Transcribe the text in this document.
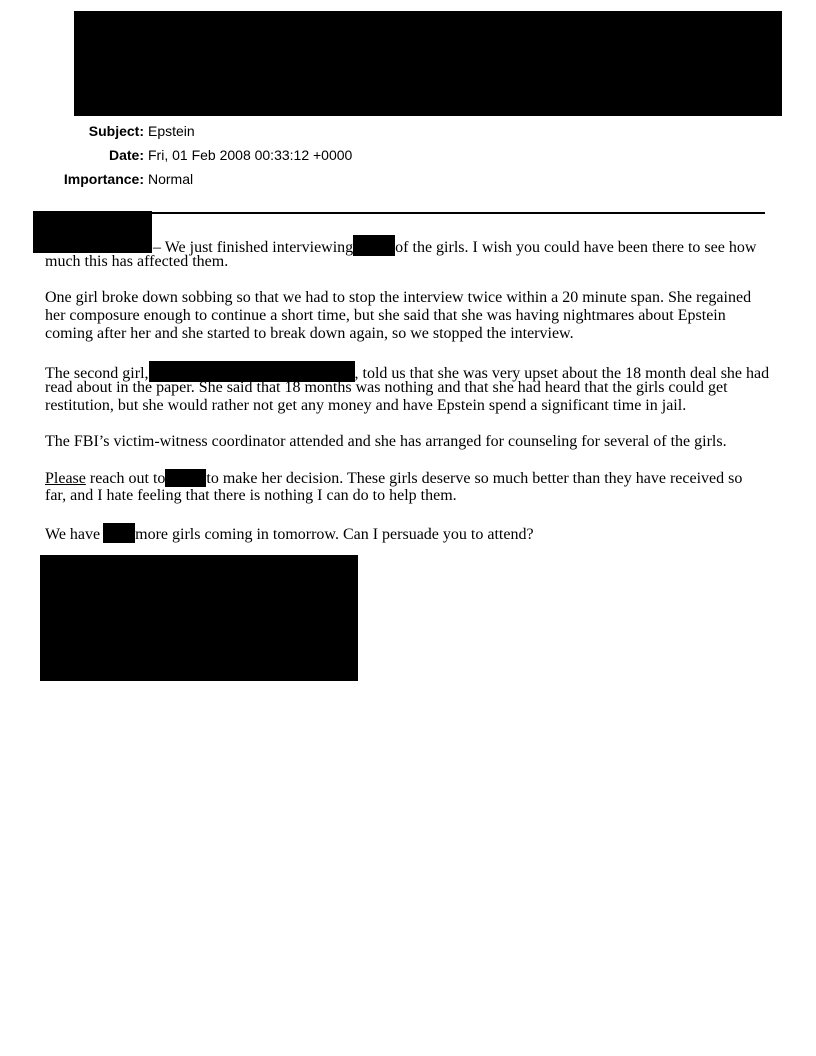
Subject: Epstein
Date: Fri, 01 Feb 2008 00:33:12 +0000
Importance: Normal
– We just finished interviewing	of the girls. I wish you could have been there to see how
much this has affected them.
One girl broke down sobbing so that we had to stop the interview twice within a 20 minute span. She regained
her composure enough to continue a short time, but she said that she was having nightmares about Epstein
coming after her and she started to break down again, so we stopped the interview.
The second girl,	, told us that she was very upset about the 18 month deal she had
read about in the paper. She said that 18 months was nothing and that she had heard that the girls could get
restitution, but she would rather not get any money and have Epstein spend a significant time in jail.
The FBI’s victim-witness coordinator attended and she has arranged for counseling for several of the girls.
Please reach out to	to make her decision. These girls deserve so much better than they have received so
far, and I hate feeling that there is nothing I can do to help them.
We have more girls coming in tomorrow. Can I persuade you to attend?
